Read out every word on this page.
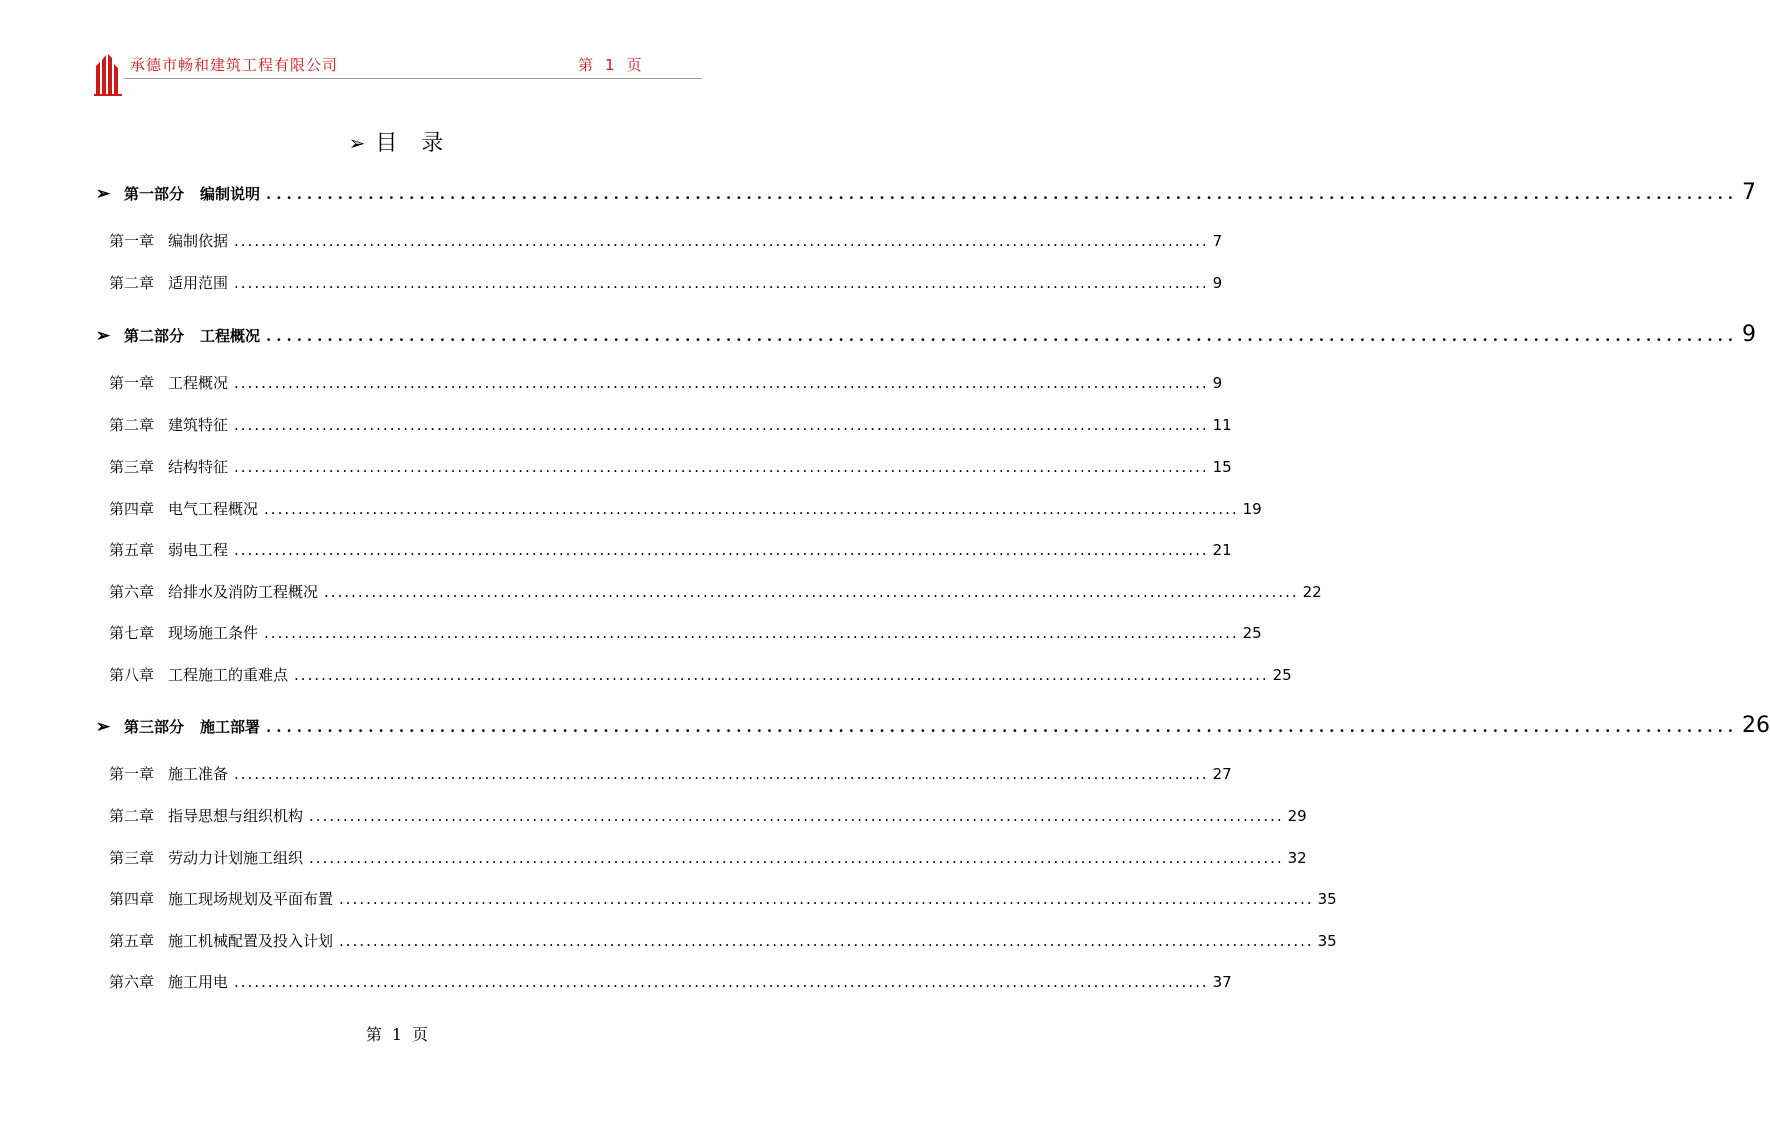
承德市畅和建筑工程有限公司	第 1 页
➢ 目 录
➢ 第一部分 编制说明 ................................................................................................................................................ 7
第一章 编制依据 ................................................................................................................................................ 7
第二章 适用范围 ................................................................................................................................................ 9
➢ 第二部分 工程概况 ................................................................................................................................................ 9
第一章 工程概况 ................................................................................................................................................ 9
第二章 建筑特征 ................................................................................................................................................ 11
第三章 结构特征 ................................................................................................................................................ 15
第四章 电气工程概况 ................................................................................................................................................ 19
第五章 弱电工程 ................................................................................................................................................ 21
第六章 给排水及消防工程概况 ................................................................................................................................................ 22
第七章 现场施工条件 ................................................................................................................................................ 25
第八章 工程施工的重难点 ................................................................................................................................................ 25
➢ 第三部分 施工部署 ................................................................................................................................................ 26
第一章 施工准备 ................................................................................................................................................ 27
第二章 指导思想与组织机构 ................................................................................................................................................ 29
第三章 劳动力计划施工组织 ................................................................................................................................................ 32
第四章 施工现场规划及平面布置 ................................................................................................................................................ 35
第五章 施工机械配置及投入计划 ................................................................................................................................................ 35
第六章 施工用电 ................................................................................................................................................ 37
第 1 页
